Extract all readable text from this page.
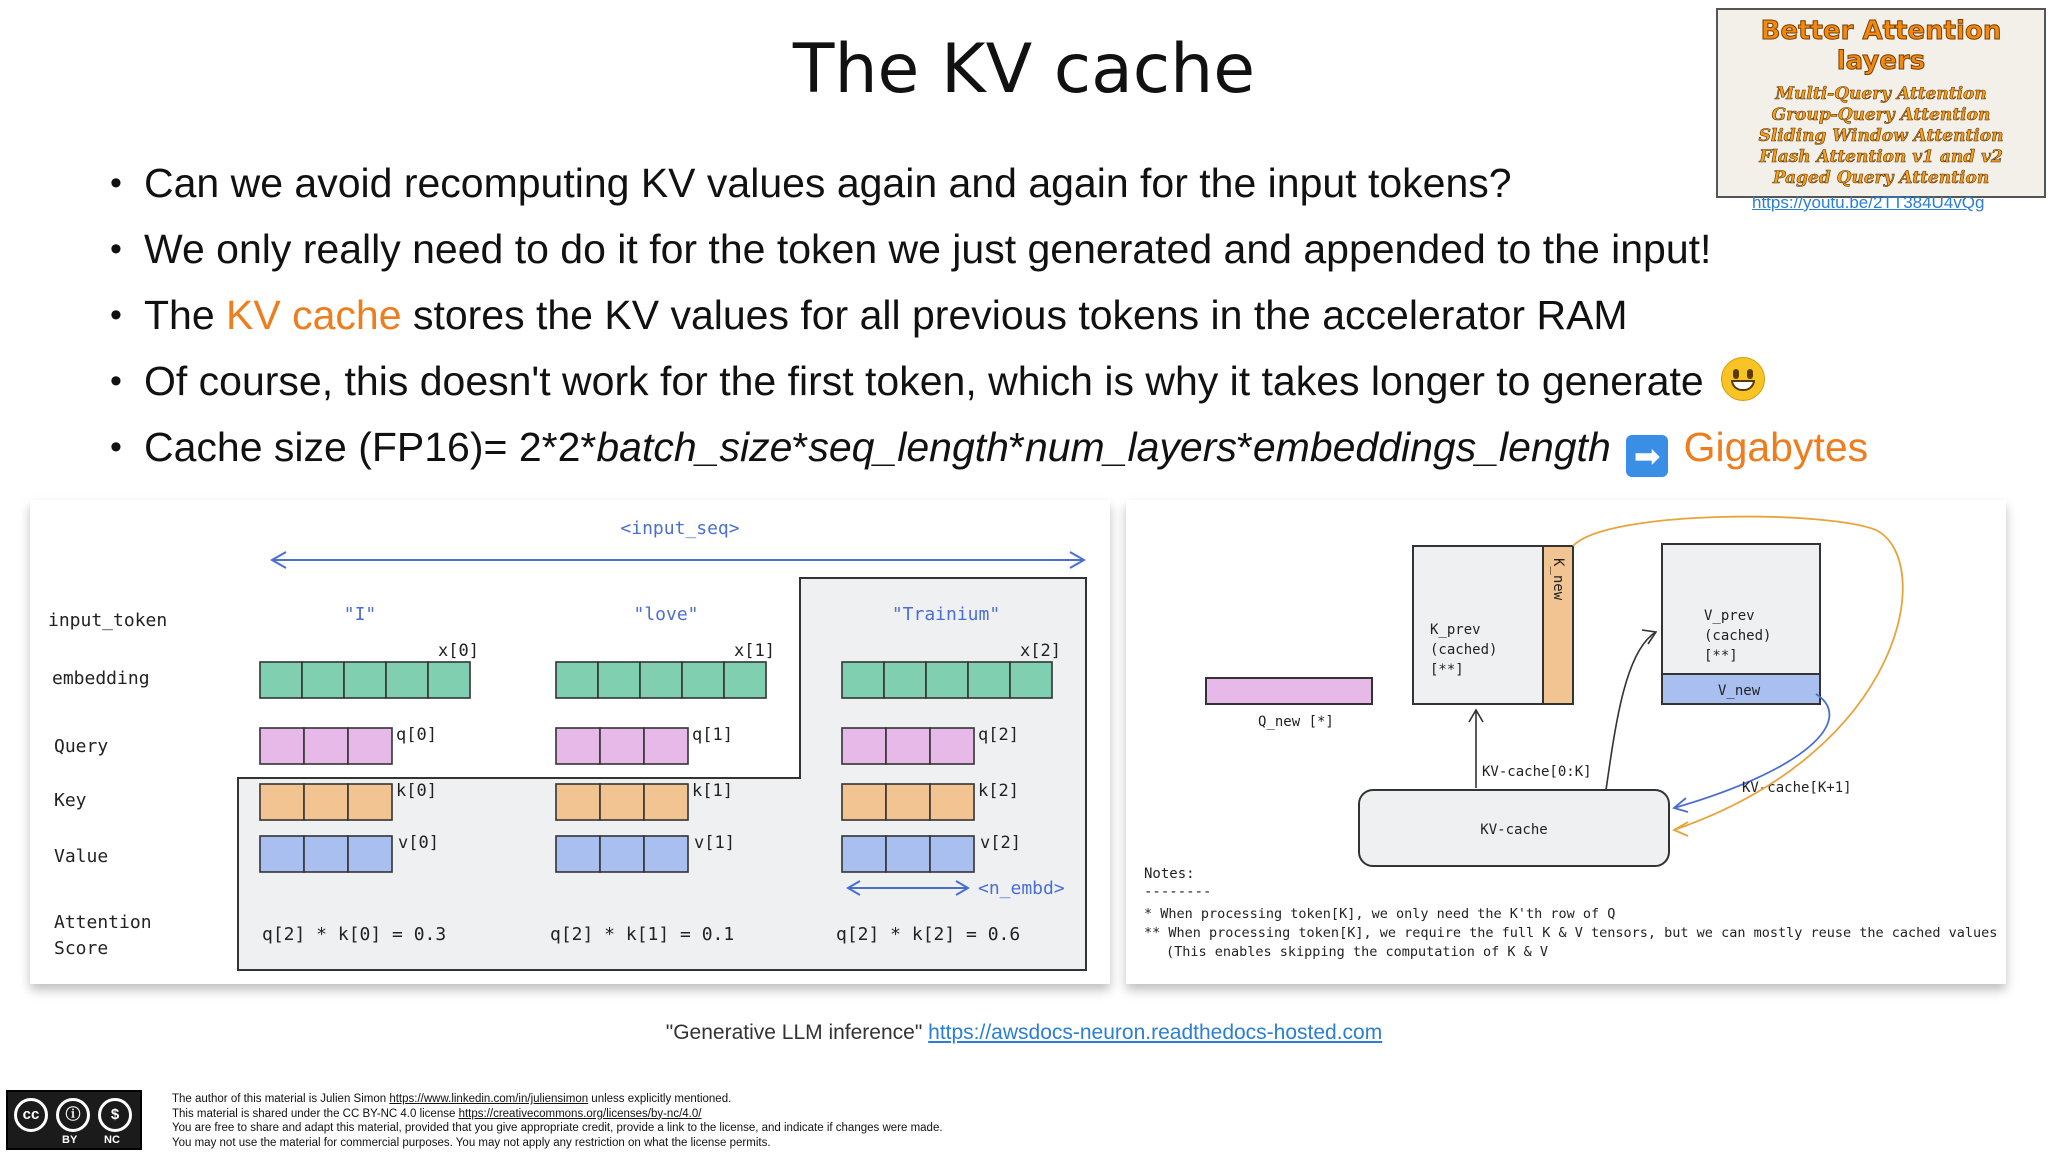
The KV cache
• Can we avoid recomputing KV values again and again for the input tokens?
• We only really need to do it for the token we just generated and appended to the input!
• The KV cache stores the KV values for all previous tokens in the accelerator RAM
• Of course, this doesn't work for the first token, which is why it takes longer to generate
• Cache size (FP16)= 2*2*batch_size*seq_length*num_layers*embeddings_length ➡ Gigabytes
Better Attention layers
Multi-Query Attention
Group-Query Attention
Sliding Window Attention
Flash Attention v1 and v2
Paged Query Attention
https://youtu.be/2TT384U4vQg
<input_seq>
input_token
embedding
Query
Key
Value
Attention
Score
"I"
x[0]
q[0]
k[0]
v[0]
q[2] * k[0] = 0.3
"love"
x[1]
q[1]
k[1]
v[1]
q[2] * k[1] = 0.1
"Trainium"
x[2]
q[2]
k[2]
v[2]
q[2] * k[2] = 0.6
<n_embd>
K_prev
(cached)
[**]
K_new
V_prev
(cached)
[**]
V_new
Q_new [*]
KV-cache
KV-cache[0:K]
KV-cache[K+1]
Notes:
--------
* When processing token[K], we only need the K'th row of Q
** When processing token[K], we require the full K & V tensors, but we can mostly reuse the cached values
(This enables skipping the computation of K & V
"Generative LLM inference" https://awsdocs-neuron.readthedocs-hosted.com
cc	ⓘ	$
BY NC
The author of this material is Julien Simon https://www.linkedin.com/in/juliensimon unless explicitly mentioned.
This material is shared under the CC BY-NC 4.0 license https://creativecommons.org/licenses/by-nc/4.0/
You are free to share and adapt this material, provided that you give appropriate credit, provide a link to the license, and indicate if changes were made.
You may not use the material for commercial purposes. You may not apply any restriction on what the license permits.
